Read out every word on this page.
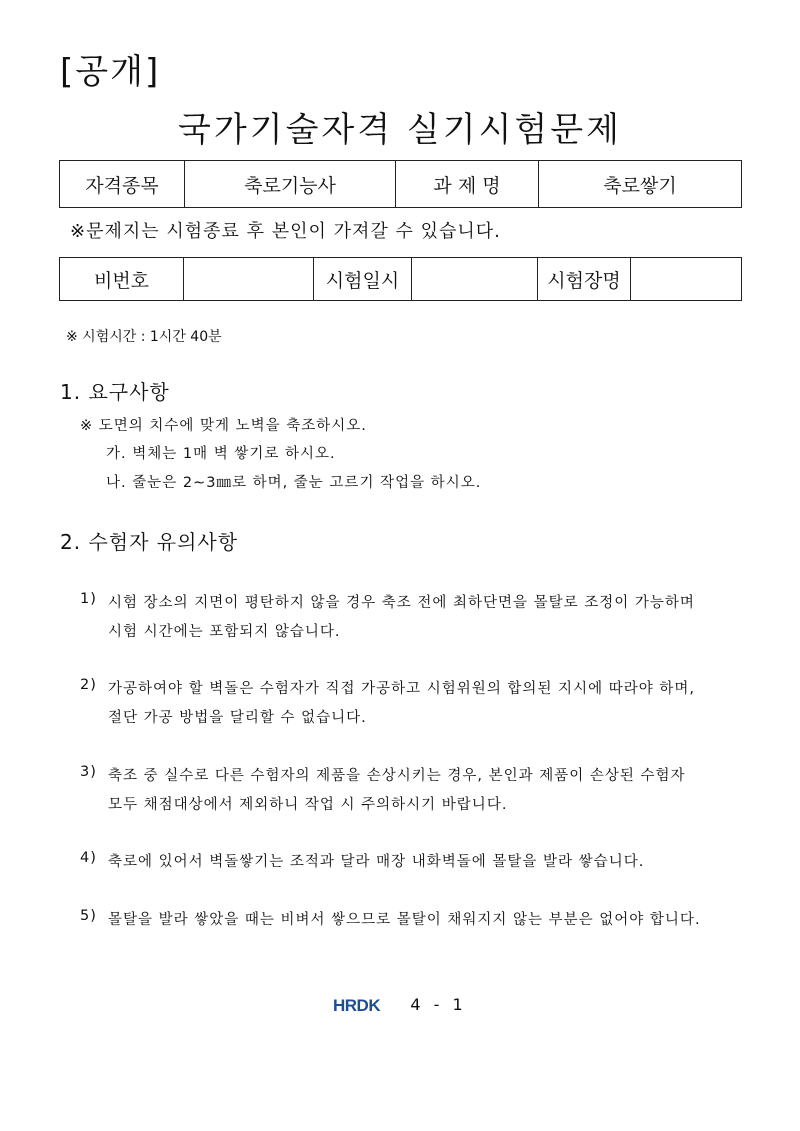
[공개]
국가기술자격 실기시험문제
자격종목	축로기능사	과 제 명	축로쌓기
※문제지는 시험종료 후 본인이 가져갈 수 있습니다.
비번호		시험일시		시험장명	
※ 시험시간 : 1시간 40분
1. 요구사항
※ 도면의 치수에 맞게 노벽을 축조하시오.
가. 벽체는 1매 벽 쌓기로 하시오.
나. 줄눈은 2∼3㎜로 하며, 줄눈 고르기 작업을 하시오.
2. 수험자 유의사항
1) 시험 장소의 지면이 평탄하지 않을 경우 축조 전에 최하단면을 몰탈로 조정이 가능하며
시험 시간에는 포함되지 않습니다.
2) 가공하여야 할 벽돌은 수험자가 직접 가공하고 시험위원의 합의된 지시에 따라야 하며,
절단 가공 방법을 달리할 수 없습니다.
3) 축조 중 실수로 다른 수험자의 제품을 손상시키는 경우, 본인과 제품이 손상된 수험자
모두 채점대상에서 제외하니 작업 시 주의하시기 바랍니다.
4) 축로에 있어서 벽돌쌓기는 조적과 달라 매장 내화벽돌에 몰탈을 발라 쌓습니다.
5) 몰탈을 발라 쌓았을 때는 비벼서 쌓으므로 몰탈이 채워지지 않는 부분은 없어야 합니다.
HRDK 4 - 1
